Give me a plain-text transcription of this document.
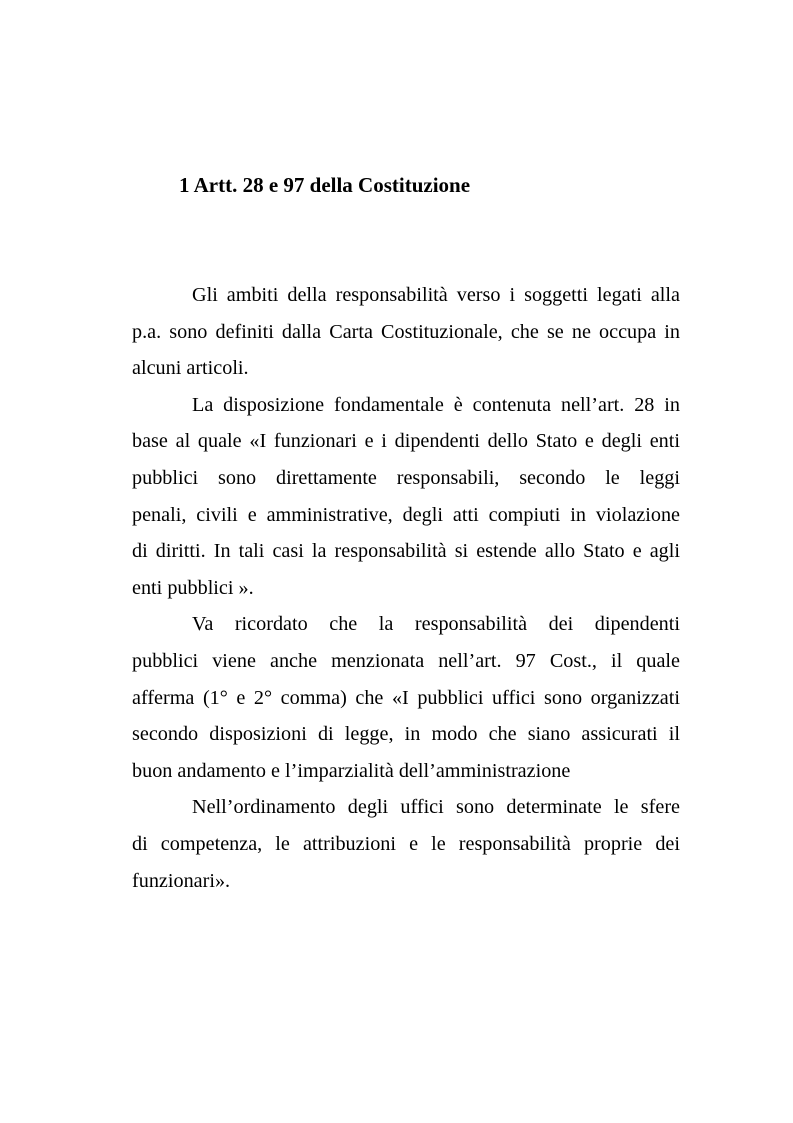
1 Artt. 28 e 97 della Costituzione
Gli ambiti della responsabilità verso i soggetti legati alla
p.a. sono definiti dalla Carta Costituzionale, che se ne occupa in
alcuni articoli.
La disposizione fondamentale è contenuta nell’art. 28 in
base al quale «I funzionari e i dipendenti dello Stato e degli enti
pubblici sono direttamente responsabili, secondo le leggi
penali, civili e amministrative, degli atti compiuti in violazione
di diritti. In tali casi la responsabilità si estende allo Stato e agli
enti pubblici ».
Va ricordato che la responsabilità dei dipendenti
pubblici viene anche menzionata nell’art. 97 Cost., il quale
afferma (1° e 2° comma) che «I pubblici uffici sono organizzati
secondo disposizioni di legge, in modo che siano assicurati il
buon andamento e l’imparzialità dell’amministrazione
Nell’ordinamento degli uffici sono determinate le sfere
di competenza, le attribuzioni e le responsabilità proprie dei
funzionari».
